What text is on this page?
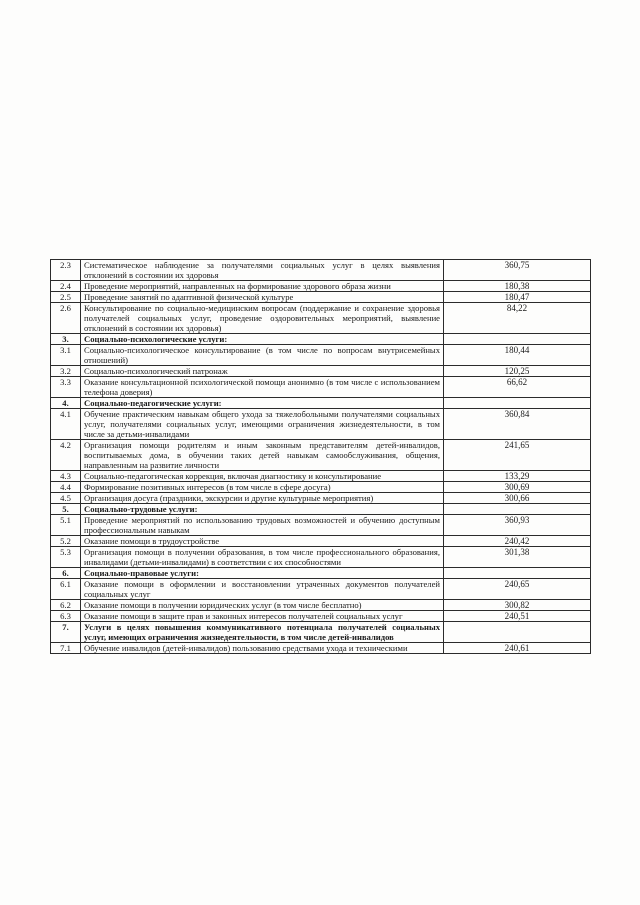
2.3	Систематическое наблюдение за получателями социальных услуг в целях выявления отклонений в состоянии их здоровья	360,75
2.4	Проведение мероприятий, направленных на формирование здорового образа жизни	180,38
2.5	Проведение занятий по адаптивной физической культуре	180,47
2.6	Консультирование по социально-медицинским вопросам (поддержание и сохранение здоровья получателей социальных услуг, проведение оздоровительных мероприятий, выявление отклонений в состоянии их здоровья)	84,22
3.	Социально-психологические услуги:	
3.1	Социально-психологическое консультирование (в том числе по вопросам внутрисемейных отношений)	180,44
3.2	Социально-психологический патронаж	120,25
3.3	Оказание консультационной психологической помощи анонимно (в том числе с использованием телефона доверия)	66,62
4.	Социально-педагогические услуги:	
4.1	Обучение практическим навыкам общего ухода за тяжелобольными получателями социальных услуг, получателями социальных услуг, имеющими ограничения жизнедеятельности, в том числе за детьми-инвалидами	360,84
4.2	Организация помощи родителям и иным законным представителям детей-инвалидов, воспитываемых дома, в обучении таких детей навыкам самообслуживания, общения, направленным на развитие личности	241,65
4.3	Социально-педагогическая коррекция, включая диагностику и консультирование	133,29
4.4	Формирование позитивных интересов (в том числе в сфере досуга)	300,69
4.5	Организация досуга (праздники, экскурсии и другие культурные мероприятия)	300,66
5.	Социально-трудовые услуги:	
5.1	Проведение мероприятий по использованию трудовых возможностей и обучению доступным профессиональным навыкам	360,93
5.2	Оказание помощи в трудоустройстве	240,42
5.3	Организация помощи в получении образования, в том числе профессионального образования, инвалидами (детьми-инвалидами) в соответствии с их способностями	301,38
6.	Социально-правовые услуги:	
6.1	Оказание помощи в оформлении и восстановлении утраченных документов получателей социальных услуг	240,65
6.2	Оказание помощи в получении юридических услуг (в том числе бесплатно)	300,82
6.3	Оказание помощи в защите прав и законных интересов получателей социальных услуг	240,51
7.	Услуги в целях повышения коммуникативного потенциала получателей социальных услуг, имеющих ограничения жизнедеятельности, в том числе детей-инвалидов	
7.1	Обучение инвалидов (детей-инвалидов) пользованию средствами ухода и техническими	240,61
